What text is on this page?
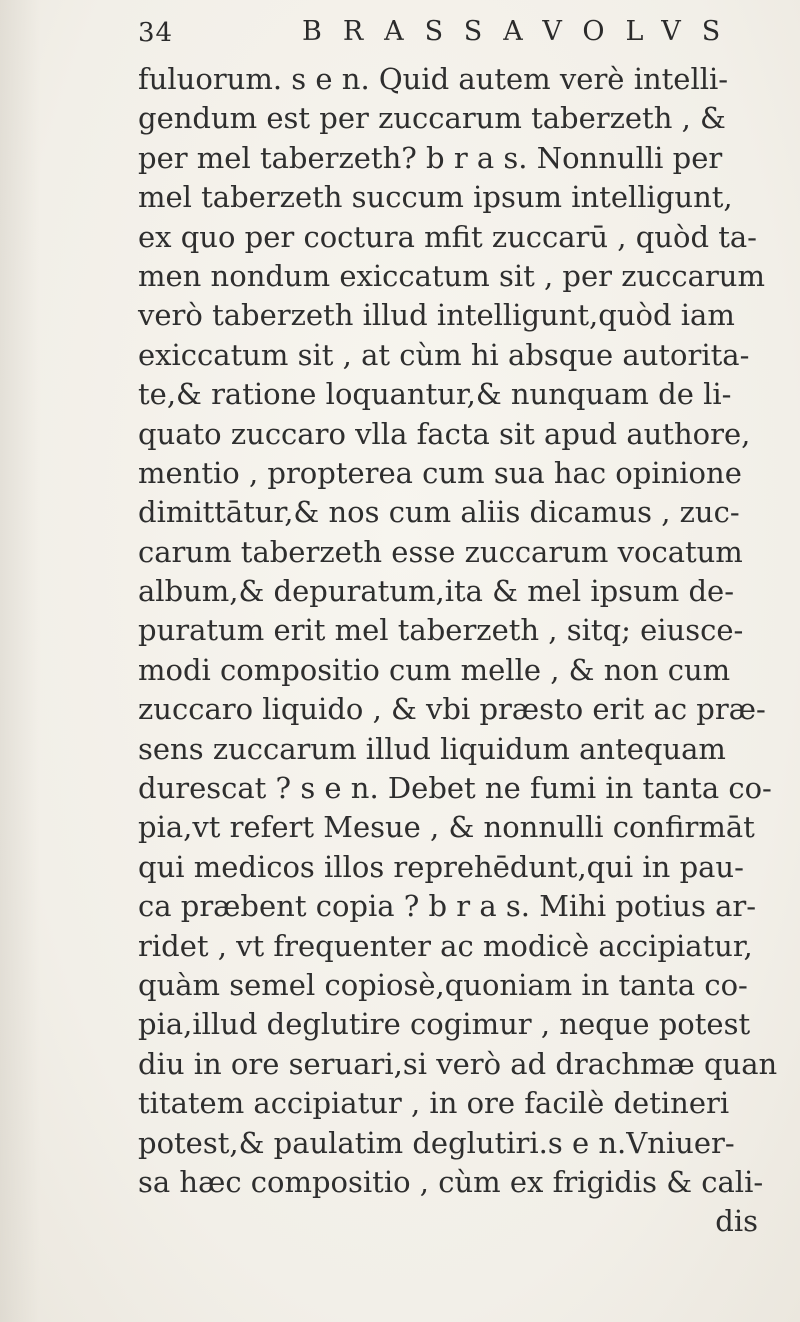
34	BRASSAVOLVS
fuluorum. s e n. Quid autem verè intelli-
gendum est per zuccarum taberzeth , &
per mel taberzeth? b r a s. Nonnulli per
mel taberzeth succum ipsum intelligunt,
ex quo per coctura mfit zuccarū , quòd ta-
men nondum exiccatum sit , per zuccarum
verò taberzeth illud intelligunt,quòd iam
exiccatum sit , at cùm hi absque autorita-
te,& ratione loquantur,& nunquam de li-
quato zuccaro vlla facta sit apud authore,
mentio , propterea cum sua hac opinione
dimittātur,& nos cum aliis dicamus , zuc-
carum taberzeth esse zuccarum vocatum
album,& depuratum,ita & mel ipsum de-
puratum erit mel taberzeth , sitq; eiusce-
modi compositio cum melle , & non cum
zuccaro liquido , & vbi præsto erit ac præ-
sens zuccarum illud liquidum antequam
durescat ? s e n. Debet ne fumi in tanta co-
pia,vt refert Mesue , & nonnulli confirmāt
qui medicos illos reprehēdunt,qui in pau-
ca præbent copia ? b r a s. Mihi potius ar-
ridet , vt frequenter ac modicè accipiatur,
quàm semel copiosè,quoniam in tanta co-
pia,illud deglutire cogimur , neque potest
diu in ore seruari,si verò ad drachmæ quan
titatem accipiatur , in ore facilè detineri
potest,& paulatim deglutiri.s e n.Vniuer-
sa hæc compositio , cùm ex frigidis & cali-
dis
